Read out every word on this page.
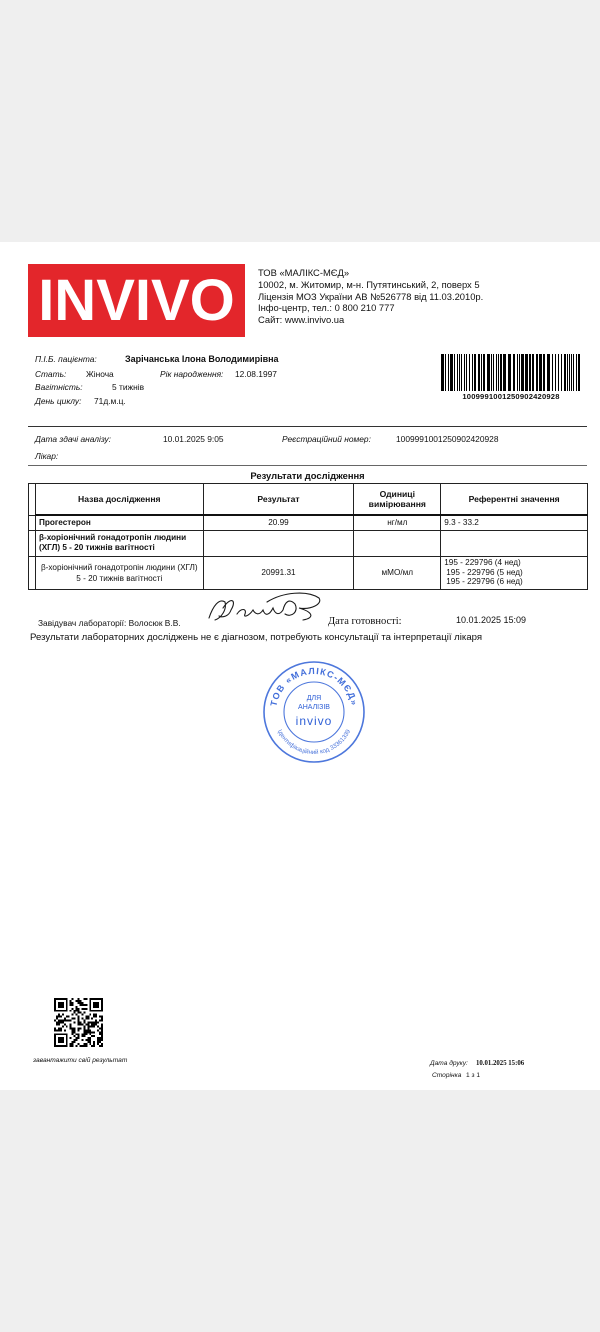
INVIVO	ТОВ «МАЛІКС-МЄД»
10002, м. Житомир, м-н. Путятинський, 2, поверх 5
Ліцензія МОЗ України АВ №526778 від 11.03.2010р.
Інфо-центр, тел.: 0 800 210 777
Сайт: www.invivo.ua
1009991001250902420928
П.І.Б. пацієнта:	Зарічанська Ілона Володимирівна
Стать: Жіноча	Рік народження: 12.08.1997
Вагітність:	5 тижнів
День циклу: 71д.м.ц.
Дата здачі аналізу:	10.01.2025 9:05	Реєстраційний номер:	1009991001250902420928
Лікар:
Результати дослідження
	Назва дослідження	Результат	Одиниці вимірювання	Референтні значення
	Прогестерон	20.99	нг/мл	9.3 - 33.2
	β-хоріонічний гонадотропін людини (ХГЛ) 5 - 20 тижнів вагітності			
	β-хоріонічний гонадотропін людини (ХГЛ) 5 - 20 тижнів вагітності	20991.31	мМО/мл	195 - 229796 (4 нед)
195 - 229796 (5 нед)
195 - 229796 (6 нед)
Завідувач лабораторії: Волосюк В.В.	Дата готовності:	10.01.2025 15:09
Результати лабораторних досліджень не є діагнозом, потребують консультації та інтерпретації лікаря
ТОВ «МАЛІКС-МЄД»
Ідентифікаційний код 33361339
ДЛЯ
АНАЛІЗІВ
invivo
завантажити свій результат	Дата друку: 10.01.2025 15:06
Сторінка 1 з 1
